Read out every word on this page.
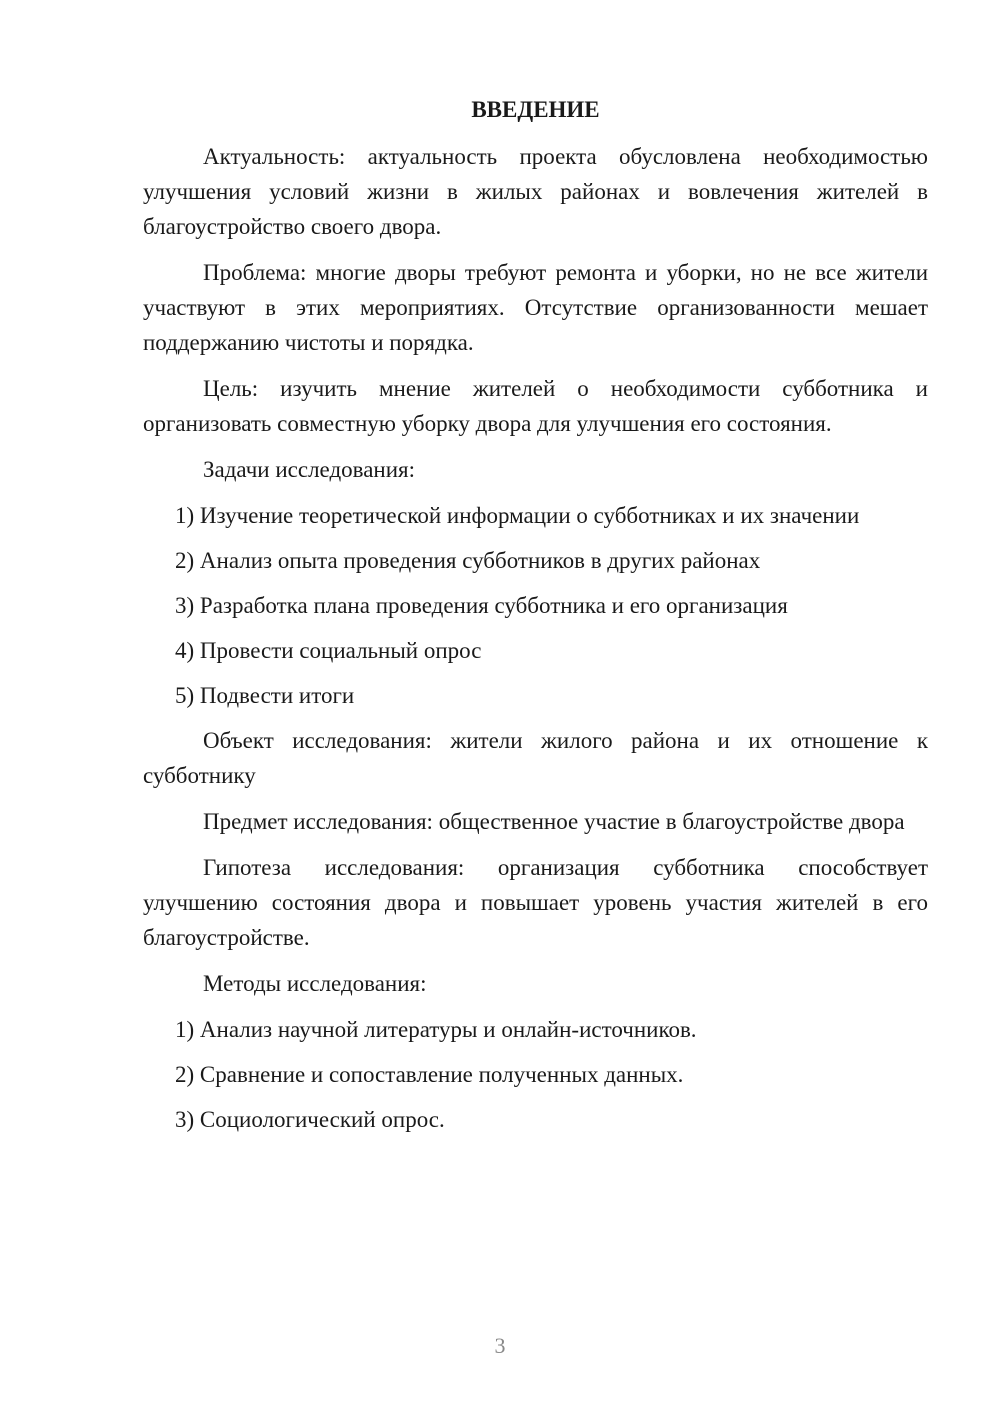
ВВЕДЕНИЕ
Актуальность: актуальность проекта обусловлена необходимостью улучшения условий жизни в жилых районах и вовлечения жителей в благоустройство своего двора.
Проблема: многие дворы требуют ремонта и уборки, но не все жители участвуют в этих мероприятиях. Отсутствие организованности мешает поддержанию чистоты и порядка.
Цель: изучить мнение жителей о необходимости субботника и организовать совместную уборку двора для улучшения его состояния.
Задачи исследования:
1) Изучение теоретической информации о субботниках и их значении
2) Анализ опыта проведения субботников в других районах
3) Разработка плана проведения субботника и его организация
4) Провести социальный опрос
5) Подвести итоги
Объект исследования: жители жилого района и их отношение к субботнику
Предмет исследования: общественное участие в благоустройстве двора
Гипотеза исследования: организация субботника способствует улучшению состояния двора и повышает уровень участия жителей в его благоустройстве.
Методы исследования:
1) Анализ научной литературы и онлайн-источников.
2) Сравнение и сопоставление полученных данных.
3) Социологический опрос.
3
